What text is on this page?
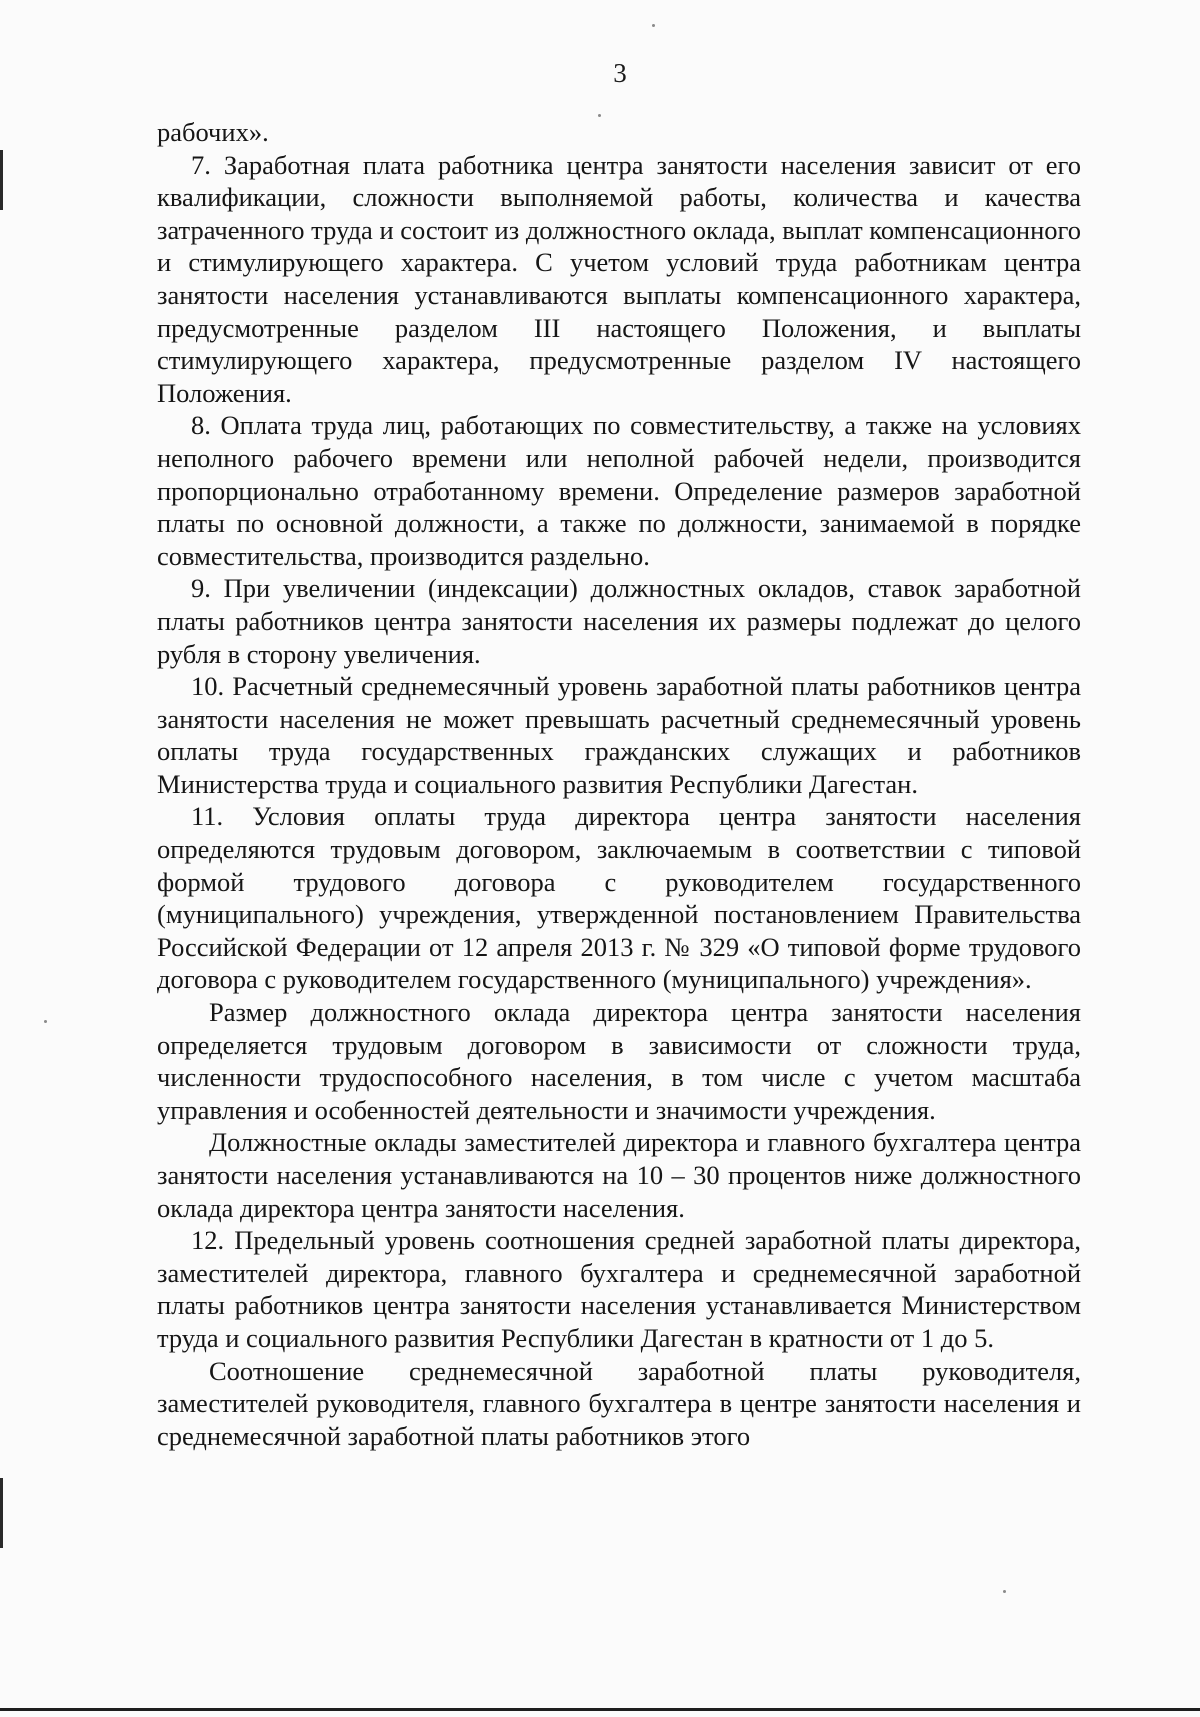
3

рабочих».

7. Заработная плата работника центра занятости населения зависит от его квалификации, сложности выполняемой работы, количества и качества затраченного труда и состоит из должностного оклада, выплат компенсационного и стимулирующего характера. С учетом условий труда работникам центра занятости населения устанавливаются выплаты компенсационного характера, предусмотренные разделом III настоящего Положения, и выплаты стимулирующего характера, предусмотренные разделом IV настоящего Положения.

8. Оплата труда лиц, работающих по совместительству, а также на условиях неполного рабочего времени или неполной рабочей недели, производится пропорционально отработанному времени. Определение размеров заработной платы по основной должности, а также по должности, занимаемой в порядке совместительства, производится раздельно.

9. При увеличении (индексации) должностных окладов, ставок заработной платы работников центра занятости населения их размеры подлежат до целого рубля в сторону увеличения.

10. Расчетный среднемесячный уровень заработной платы работников центра занятости населения не может превышать расчетный среднемесячный уровень оплаты труда государственных гражданских служащих и работников Министерства труда и социального развития Республики Дагестан.

11. Условия оплаты труда директора центра занятости населения определяются трудовым договором, заключаемым в соответствии с типовой формой трудового договора с руководителем государственного (муниципального) учреждения, утвержденной постановлением Правительства Российской Федерации от 12 апреля 2013 г. № 329 «О типовой форме трудового договора с руководителем государственного (муниципального) учреждения».

Размер должностного оклада директора центра занятости населения определяется трудовым договором в зависимости от сложности труда, численности трудоспособного населения, в том числе с учетом масштаба управления и особенностей деятельности и значимости учреждения.

Должностные оклады заместителей директора и главного бухгалтера центра занятости населения устанавливаются на 10 – 30 процентов ниже должностного оклада директора центра занятости населения.

12. Предельный уровень соотношения средней заработной платы директора, заместителей директора, главного бухгалтера и среднемесячной заработной платы работников центра занятости населения устанавливается Министерством труда и социального развития Республики Дагестан в кратности от 1 до 5.

Соотношение среднемесячной заработной платы руководителя, заместителей руководителя, главного бухгалтера в центре занятости населения и среднемесячной заработной платы работников этого
